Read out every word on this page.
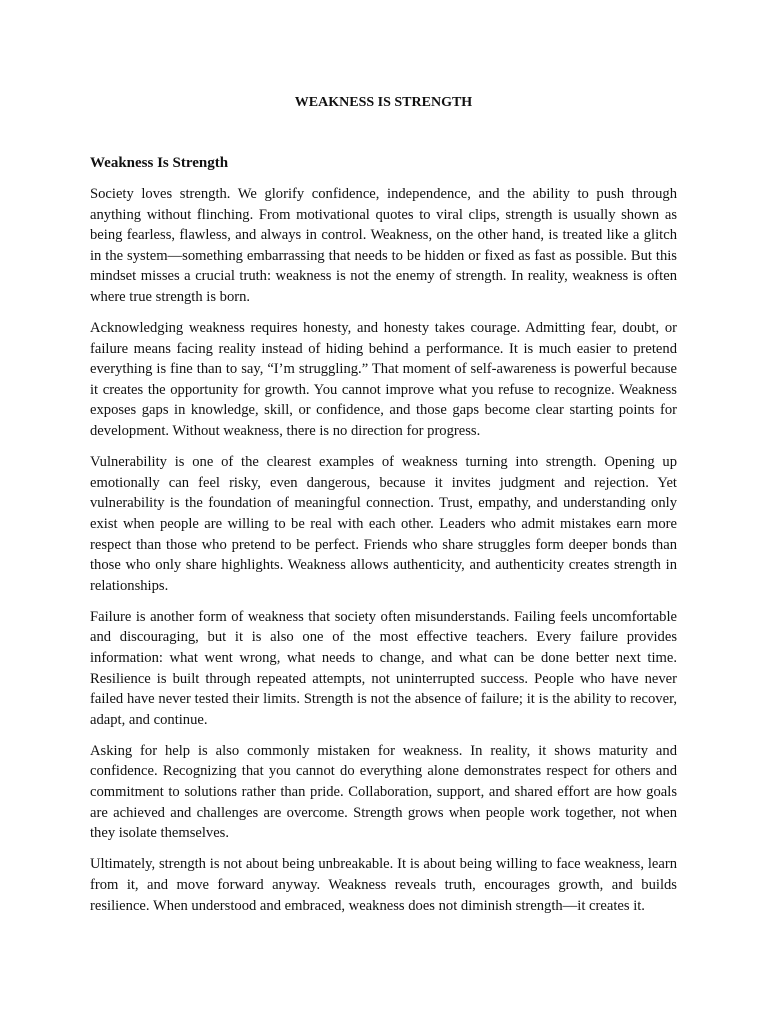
WEAKNESS IS STRENGTH
Weakness Is Strength

Society loves strength. We glorify confidence, independence, and the ability to push through anything without flinching. From motivational quotes to viral clips, strength is usually shown as being fearless, flawless, and always in control. Weakness, on the other hand, is treated like a glitch in the system—something embarrassing that needs to be hidden or fixed as fast as possible. But this mindset misses a crucial truth: weakness is not the enemy of strength. In reality, weakness is often where true strength is born.

Acknowledging weakness requires honesty, and honesty takes courage. Admitting fear, doubt, or failure means facing reality instead of hiding behind a performance. It is much easier to pretend everything is fine than to say, “I’m struggling.” That moment of self-awareness is powerful because it creates the opportunity for growth. You cannot improve what you refuse to recognize. Weakness exposes gaps in knowledge, skill, or confidence, and those gaps become clear starting points for development. Without weakness, there is no direction for progress.

Vulnerability is one of the clearest examples of weakness turning into strength. Opening up emotionally can feel risky, even dangerous, because it invites judgment and rejection. Yet vulnerability is the foundation of meaningful connection. Trust, empathy, and understanding only exist when people are willing to be real with each other. Leaders who admit mistakes earn more respect than those who pretend to be perfect. Friends who share struggles form deeper bonds than those who only share highlights. Weakness allows authenticity, and authenticity creates strength in relationships.

Failure is another form of weakness that society often misunderstands. Failing feels uncomfortable and discouraging, but it is also one of the most effective teachers. Every failure provides information: what went wrong, what needs to change, and what can be done better next time. Resilience is built through repeated attempts, not uninterrupted success. People who have never failed have never tested their limits. Strength is not the absence of failure; it is the ability to recover, adapt, and continue.

Asking for help is also commonly mistaken for weakness. In reality, it shows maturity and confidence. Recognizing that you cannot do everything alone demonstrates respect for others and commitment to solutions rather than pride. Collaboration, support, and shared effort are how goals are achieved and challenges are overcome. Strength grows when people work together, not when they isolate themselves.

Ultimately, strength is not about being unbreakable. It is about being willing to face weakness, learn from it, and move forward anyway. Weakness reveals truth, encourages growth, and builds resilience. When understood and embraced, weakness does not diminish strength—it creates it.
